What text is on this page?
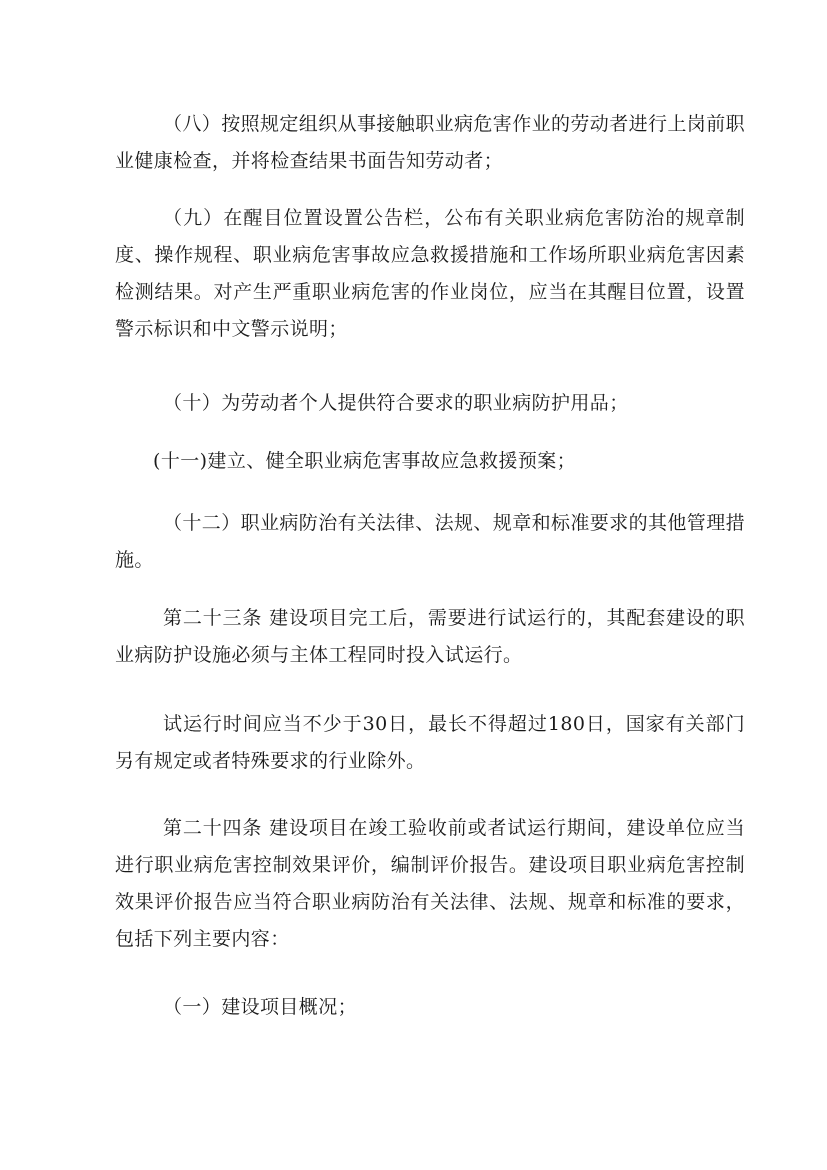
（八）按照规定组织从事接触职业病危害作业的劳动者进行上岗前职业健康检查，并将检查结果书面告知劳动者；

（九）在醒目位置设置公告栏，公布有关职业病危害防治的规章制度、操作规程、职业病危害事故应急救援措施和工作场所职业病危害因素检测结果。对产生严重职业病危害的作业岗位，应当在其醒目位置，设置警示标识和中文警示说明；

（十）为劳动者个人提供符合要求的职业病防护用品；

(十一)建立、健全职业病危害事故应急救援预案；

（十二）职业病防治有关法律、法规、规章和标准要求的其他管理措施。

第二十三条 建设项目完工后，需要进行试运行的，其配套建设的职业病防护设施必须与主体工程同时投入试运行。

试运行时间应当不少于30日，最长不得超过180日，国家有关部门另有规定或者特殊要求的行业除外。

第二十四条 建设项目在竣工验收前或者试运行期间，建设单位应当进行职业病危害控制效果评价，编制评价报告。建设项目职业病危害控制效果评价报告应当符合职业病防治有关法律、法规、规章和标准的要求，包括下列主要内容：

（一）建设项目概况；
